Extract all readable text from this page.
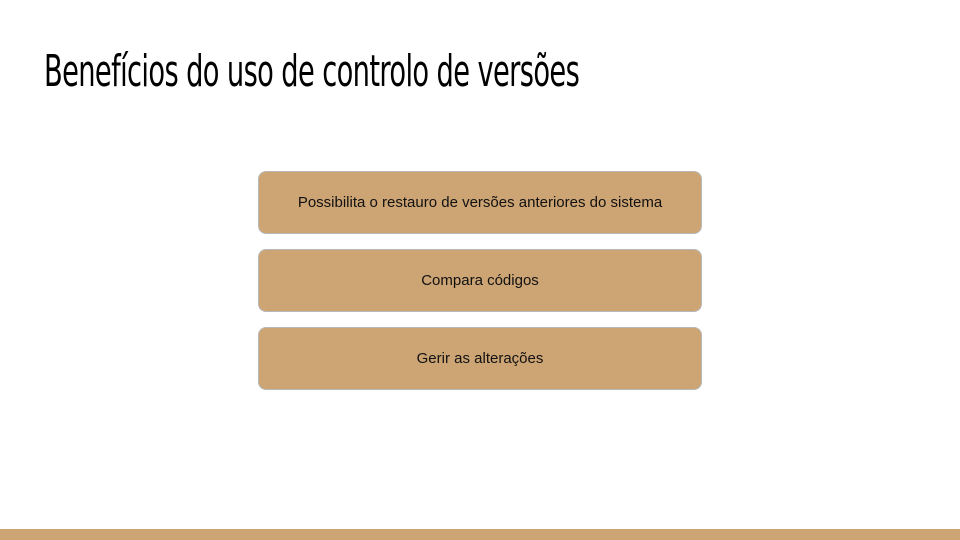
Benefícios do uso de controlo de versões
Possibilita o restauro de versões anteriores do sistema
Compara códigos
Gerir as alterações
